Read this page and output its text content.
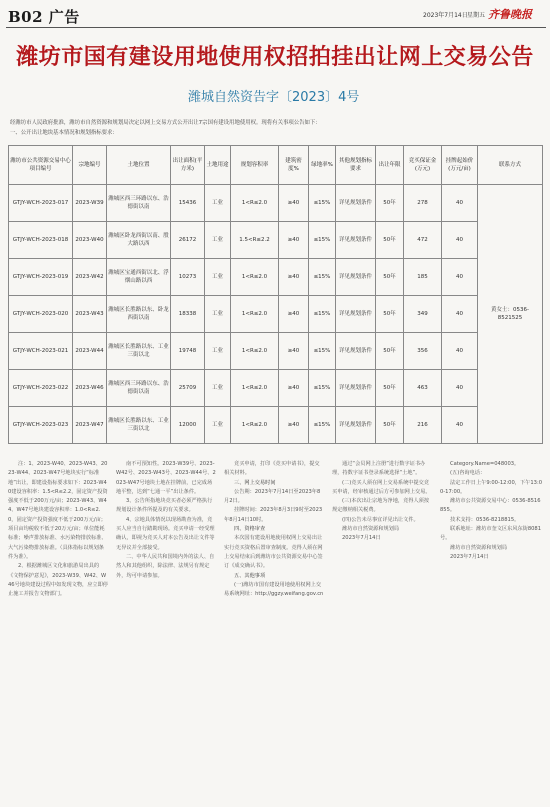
B02 广告	2023年7月14日 星期五 齐鲁晚报
潍坊市国有建设用地使用权招拍挂出让网上交易公告
潍城自然资告字〔2023〕4号
经潍坊市人民政府批准，潍坊市自然资源和规划局决定以网上交易方式公开出让7宗国有建设用地使用权。现将有关事项公告如下：
一、公开出让地块基本情况和规划指标要求：
潍坊市公共资源交易中心项目编号	宗地编号	土地位置	出让面积(平方米)	土地用途	规划容积率	建筑密度%	绿地率%	其他规划指标要求	出让年限	竞买保证金(万元)	挂牌起始价(万元/亩)	联系方式
GTJY-WCH-2023-017	2023-W39	潍城区西三环路以东、浩德街以南	15436	工业	1<R≤2.0	≥40	≤15%	详见规划条件	50年	278	40	黄女士：0536-8521525
GTJY-WCH-2023-018	2023-W40	潍城区卧龙西街以南、殷大路以西	26172	工业	1.5<R≤2.2	≥40	≤15%	详见规划条件	50年	472	40	
GTJY-WCH-2023-019	2023-W42	潍城区宝通西街以北、浮烟山路以西	10273	工业	1<R≤2.0	≥40	≤15%	详见规划条件	50年	185	40	
GTJY-WCH-2023-020	2023-W43	潍城区长胜路以东、卧龙西街以南	18338	工业	1<R≤2.0	≥40	≤15%	详见规划条件	50年	349	40	
GTJY-WCH-2023-021	2023-W44	潍城区长胜路以东、工业三街以北	19748	工业	1<R≤2.0	≥40	≤15%	详见规划条件	50年	356	40	
GTJY-WCH-2023-022	2023-W46	潍城区西三环路以东、浩德街以南	25709	工业	1<R≤2.0	≥40	≤15%	详见规划条件	50年	463	40	
GTJY-WCH-2023-023	2023-W47	潍城区长胜路以东、工业三街以北	12000	工业	1<R≤2.0	≥40	≤15%	详见规划条件	50年	216	40	

注：1、2023-W40、2023-W43、2023-W44、2023-W47号地块实行“标准地”出让，即建设指标要求如下：2023-W40建设容积率：1.5<R≤2.2，固定资产投资强度不低于200万元/亩；2023-W43、W44、W47号地块建设容积率：1.0<R≤2.0，固定资产投资强度不低于200万元/亩；项目亩均税收不低于20万元/亩；单位能耗标准；噪声排放标准、水污染物排放标准、大气污染物排放标准。（具体指标以规划条件为准）。

2、根据潍城区文化和旅游局出具的《文物保护意见》，2023-W39、W42、W46号地块建设过程中如发现文物，应立即停止施工并报告文物部门。

南不可预知性。2023-W39号、2023-W42号、2023-W43号、2023-W44号、2023-W47号地块土地在挂牌前，已完成场地平整，达到“七通一平”出让条件。

3、公告所指地块竞买者必须严格执行规划设计条件所提及的有关要求。

4、宗地具体情况以现场勘查为准，竞买人应当自行踏勘现场。竞买申请一经受理确认，即视为竞买人对本公告及出让文件等无异议并全部接受。

二、中华人民共和国境内外的法人、自然人和其他组织，除法律、法规另有规定外，均可申请参加。

竞买申请，打印《竞买申请书》，提交相关材料。

三、网上交易时间

公告期：2023年7月14日至2023年8月2日。

挂牌时间：2023年8月3日9时至2023年8月14日10时。

四、资格审查

本次国有建设用地使用权网上交易出让实行竞买资格后置审查制度。竞得人须在网上交易结束后到潍坊市公共资源交易中心签订《成交确认书》。

五、其他事项

(一)潍坊市国有建设用地使用权网上交易系统网址：http://ggzy.weifang.gov.cn

通过“会员网上注册”进行数字证书办理，持数字证书登录系统选择“土地”。

(二)竞买人须在网上交易系统中提交竞买申请，经审核通过后方可参加网上交易。

(三)本次出让宗地为净地，竞得人须按规定缴纳相关税费。

(四)公告未尽事宜详见出让文件。

潍坊市自然资源和规划局

2023年7月14日

Category.Name=048003。

(五)咨询电话：

法定工作日上午9:00-12:00，下午13:00-17:00。

潍坊市公共资源交易中心：0536-8516855。

技术支持：0536-8218815。

联系地址：潍坊市奎文区东风东街8081号。

潍坊市自然资源和规划局

2023年7月14日
